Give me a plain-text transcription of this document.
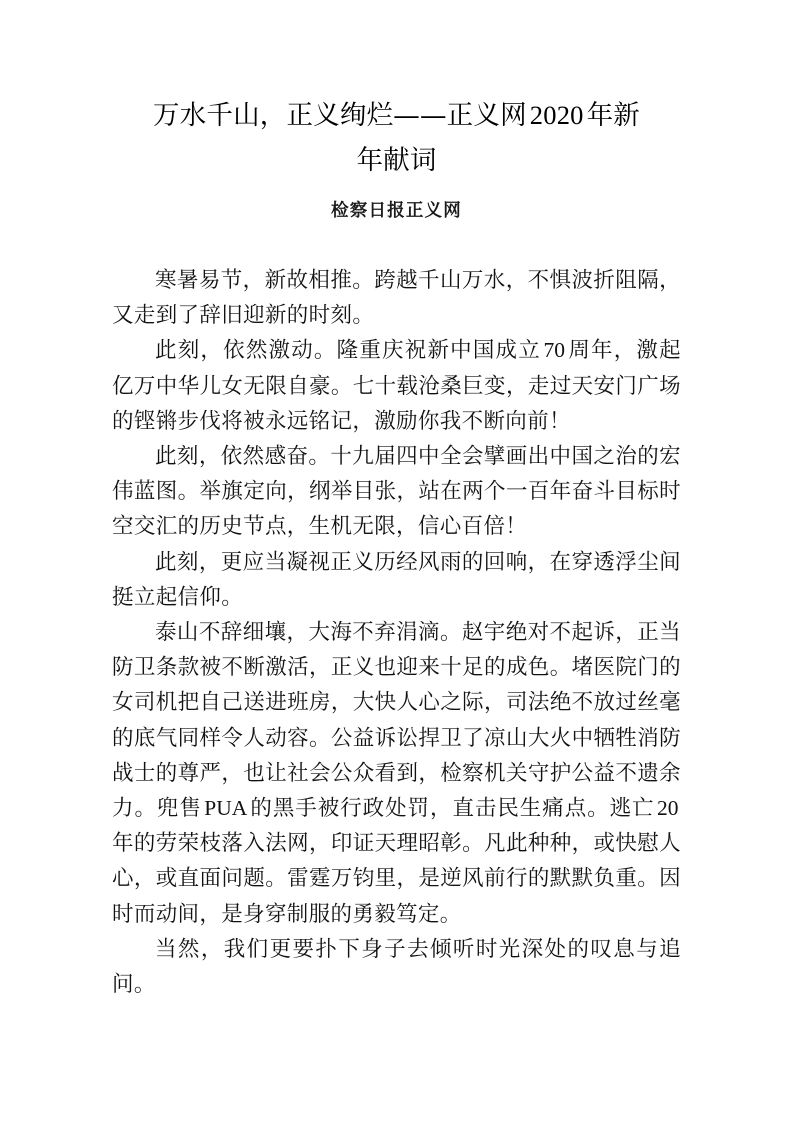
万水千山，正义绚烂——正义网 2020 年新
年献词
检察日报正义网

寒暑易节，新故相推。跨越千山万水，不惧波折阻隔，又走到了辞旧迎新的时刻。

此刻，依然激动。隆重庆祝新中国成立 70 周年，激起亿万中华儿女无限自豪。七十载沧桑巨变，走过天安门广场的铿锵步伐将被永远铭记，激励你我不断向前！

此刻，依然感奋。十九届四中全会擘画出中国之治的宏伟蓝图。举旗定向，纲举目张，站在两个一百年奋斗目标时空交汇的历史节点，生机无限，信心百倍！

此刻，更应当凝视正义历经风雨的回响，在穿透浮尘间挺立起信仰。

泰山不辞细壤，大海不弃涓滴。赵宇绝对不起诉，正当防卫条款被不断激活，正义也迎来十足的成色。堵医院门的女司机把自己送进班房，大快人心之际，司法绝不放过丝毫的底气同样令人动容。公益诉讼捍卫了凉山大火中牺牲消防战士的尊严，也让社会公众看到，检察机关守护公益不遗余力。兜售 PUA 的黑手被行政处罚，直击民生痛点。逃亡 20年的劳荣枝落入法网，印证天理昭彰。凡此种种，或快慰人心，或直面问题。雷霆万钧里，是逆风前行的默默负重。因时而动间，是身穿制服的勇毅笃定。

当然，我们更要扑下身子去倾听时光深处的叹息与追问。
